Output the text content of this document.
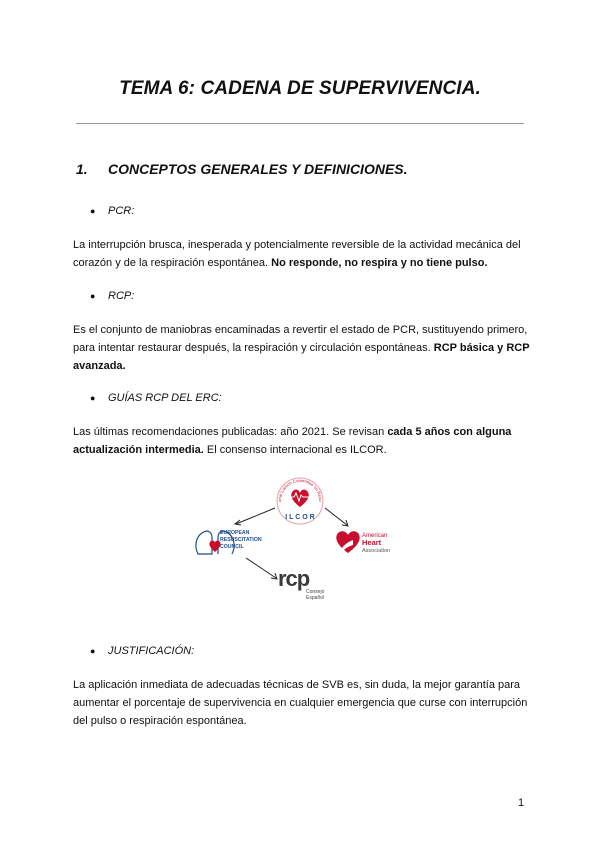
TEMA 6: CADENA DE SUPERVIVENCIA.
1. CONCEPTOS GENERALES Y DEFINICIONES.

● PCR:

La interrupción brusca, inesperada y potencialmente reversible de la actividad mecánica del corazón y de la respiración espontánea. No responde, no respira y no tiene pulso.

● RCP:

Es el conjunto de maniobras encaminadas a revertir el estado de PCR, sustituyendo primero, para intentar restaurar después, la respiración y circulación espontáneas. RCP básica y RCP avanzada.

● GUÍAS RCP DEL ERC:

Las últimas recomendaciones publicadas: año 2021. Se revisan cada 5 años con alguna actualización intermedia. El consenso internacional es ILCOR.

onal Liaison Committee on Resu
I L C O R
EUROPEAN
RESUSCITATION
COUNCIL
American
Heart
Association
rcp
Consejo
Español

● JUSTIFICACIÓN:

La aplicación inmediata de adecuadas técnicas de SVB es, sin duda, la mejor garantía para aumentar el porcentaje de supervivencia en cualquier emergencia que curse con interrupción del pulso o respiración espontánea.

1
